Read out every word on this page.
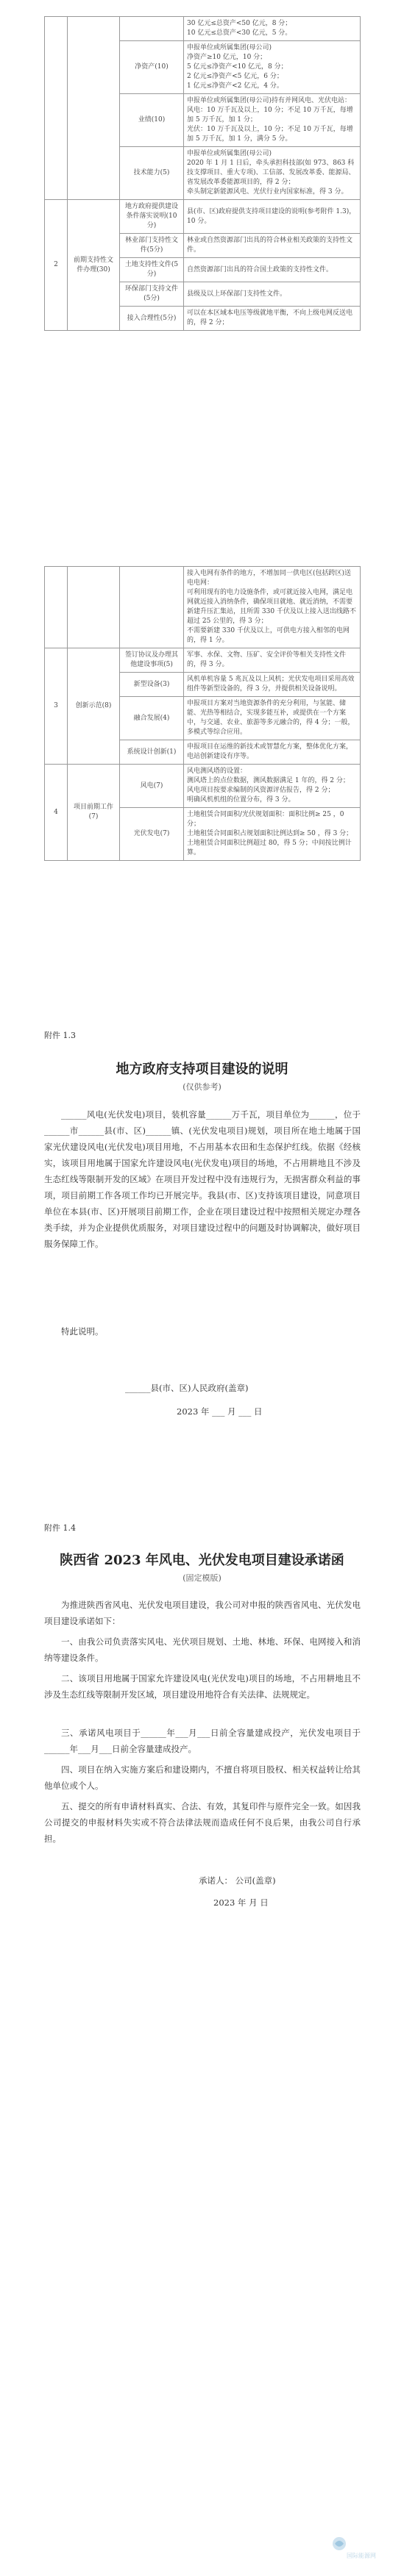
			30 亿元≤总资产<50 亿元，8 分；
10 亿元≤总资产<30 亿元，5 分。
		净资产(10)	申报单位或所属集团(母公司)
净资产≥10 亿元，10 分；
5 亿元≤净资产<10 亿元，8 分；
2 亿元≤净资产<5 亿元，6 分；
1 亿元≤净资产<2 亿元，4 分。
		业绩(10)	申报单位或所属集团(母公司)持有并网风电、光伏电站：
风电：10 万千瓦及以上，10 分；不足 10 万千瓦，每增加 5 万千瓦，加 1 分；
光伏：10 万千瓦及以上，10 分；不足 10 万千瓦，每增加 5 万千瓦，加 1 分，满分 5 分。
		技术能力(5)	申报单位或所属集团(母公司)
2020 年 1 月 1 日后，牵头承担科技部(如 973、863 科技支撑项目、重大专项)、工信部、发展改革委、能源局、省发展改革委能源项目的，得 2 分；
牵头制定新能源风电、光伏行业内国家标准，得 3 分。
2	前期支持性文件办理(30)	地方政府提供建设条件落实说明(10分)	县(市、区)政府提供支持项目建设的说明(参考附件 1.3)，10 分。
		林业部门支持性文件(5分)	林业或自然资源部门出具的符合林业相关政策的支持性文件。
		土地支持性文件(5分)	自然资源部门出具的符合国土政策的支持性文件。
		环保部门支持文件(5分)	县级及以上环保部门支持性文件。
		接入合理性(5分)	可以在本区域本电压等级就地平衡，不向上级电网反送电的，得 2 分；
			接入电网有条件的地方，不增加同一供电区(包括跨区)送电电网：
可利用现有的电力设施条件，或可就近接入电网，满足电网就近接入消纳条件，确保项目就地、就近消纳，不需要新建升压汇集站，且所需 330 千伏及以上接入送出线路不超过 25 公里的，得 3 分；
不需要新建 330 千伏及以上，可供电方接入相邻的电网的，得 1 分。
3	创新示范(8)	签订协议及办理其他建设事项(5)	军事、水保、文物、压矿、安全评价等相关支持性文件的，得 3 分。
		新型设备(3)	风机单机容量 5 兆瓦及以上风机；光伏发电项目采用高效组件等新型设备的，得 3 分，并提供相关设备说明。
		融合发展(4)	申报项目方案对当地资源条件的充分利用，与氢能、储能、光热等相结合，实现多能互补，或提供在一个方案中，与交通、农业、旅游等多元融合的，得 4 分；一般，多模式等综合应用。
		系统设计创新(1)	申报项目在运维的新技术或智慧化方案，整体优化方案，电站创新建设有序等。
4	项目前期工作(7)	风电(7)	风电测风塔的设置：
测风塔上的点位数据，测风数据满足 1 年的，得 2 分；
风电项目按要求编制的风资源评估报告，得 2 分；
明确风机机组的位置分布，得 3 分。
		光伏发电(7)	土地租赁合同面积/光伏规划面积：面积比例≥ 25 ，0 分；
土地租赁合同面积占规划面积比例达到≥ 50 ，得 3 分；
土地租赁合同面积比例超过 80，得 5 分；中间按比例计算。
附件 1.3
地方政府支持项目建设的说明
(仅供参考)

______风电(光伏发电)项目，装机容量______万千瓦，项目单位为______，位于______市______县(市、区)______镇、(光伏发电项目)规划，项目所在地土地属于国家光伏建设风电(光伏发电)项目用地，不占用基本农田和生态保护红线。依据《经核实，该项目用地属于国家允许建设风电(光伏发电)项目的场地，不占用耕地且不涉及生态红线等限制开发的区域》在项目开发过程中没有违规行为，无损害群众利益的事项，项目前期工作各项工作均已开展完毕。我县(市、区)支持该项目建设，同意项目单位在本县(市、区)开展项目前期工作，企业在项目建设过程中按照相关规定办理各类手续，并为企业提供优质服务，对项目建设过程中的问题及时协调解决，做好项目服务保障工作。

特此说明。

______县(市、区)人民政府(盖章)
2023 年 ___ 月 ___ 日
附件 1.4
陕西省 2023 年风电、光伏发电项目建设承诺函
(固定模版)

为推进陕西省风电、光伏发电项目建设，我公司对申报的陕西省风电、光伏发电项目建设承诺如下：

一、由我公司负责落实风电、光伏项目规划、土地、林地、环保、电网接入和消纳等建设条件。

二、该项目用地属于国家允许建设风电(光伏发电)项目的场地，不占用耕地且不涉及生态红线等限制开发区域，项目建设用地符合有关法律、法规规定。

三、承诺风电项目于______年___月___日前全容量建成投产，光伏发电项目于______年___月___日前全容量建成投产。

四、项目在纳入实施方案后和建设期内，不擅自将项目股权、相关权益转让给其他单位或个人。

五、提交的所有申请材料真实、合法、有效，其复印件与原件完全一致。如因我公司提交的申报材料失实或不符合法律法规而造成任何不良后果，由我公司自行承担。

承诺人： 公司(盖章)
2023 年 月 日
国际能源网
